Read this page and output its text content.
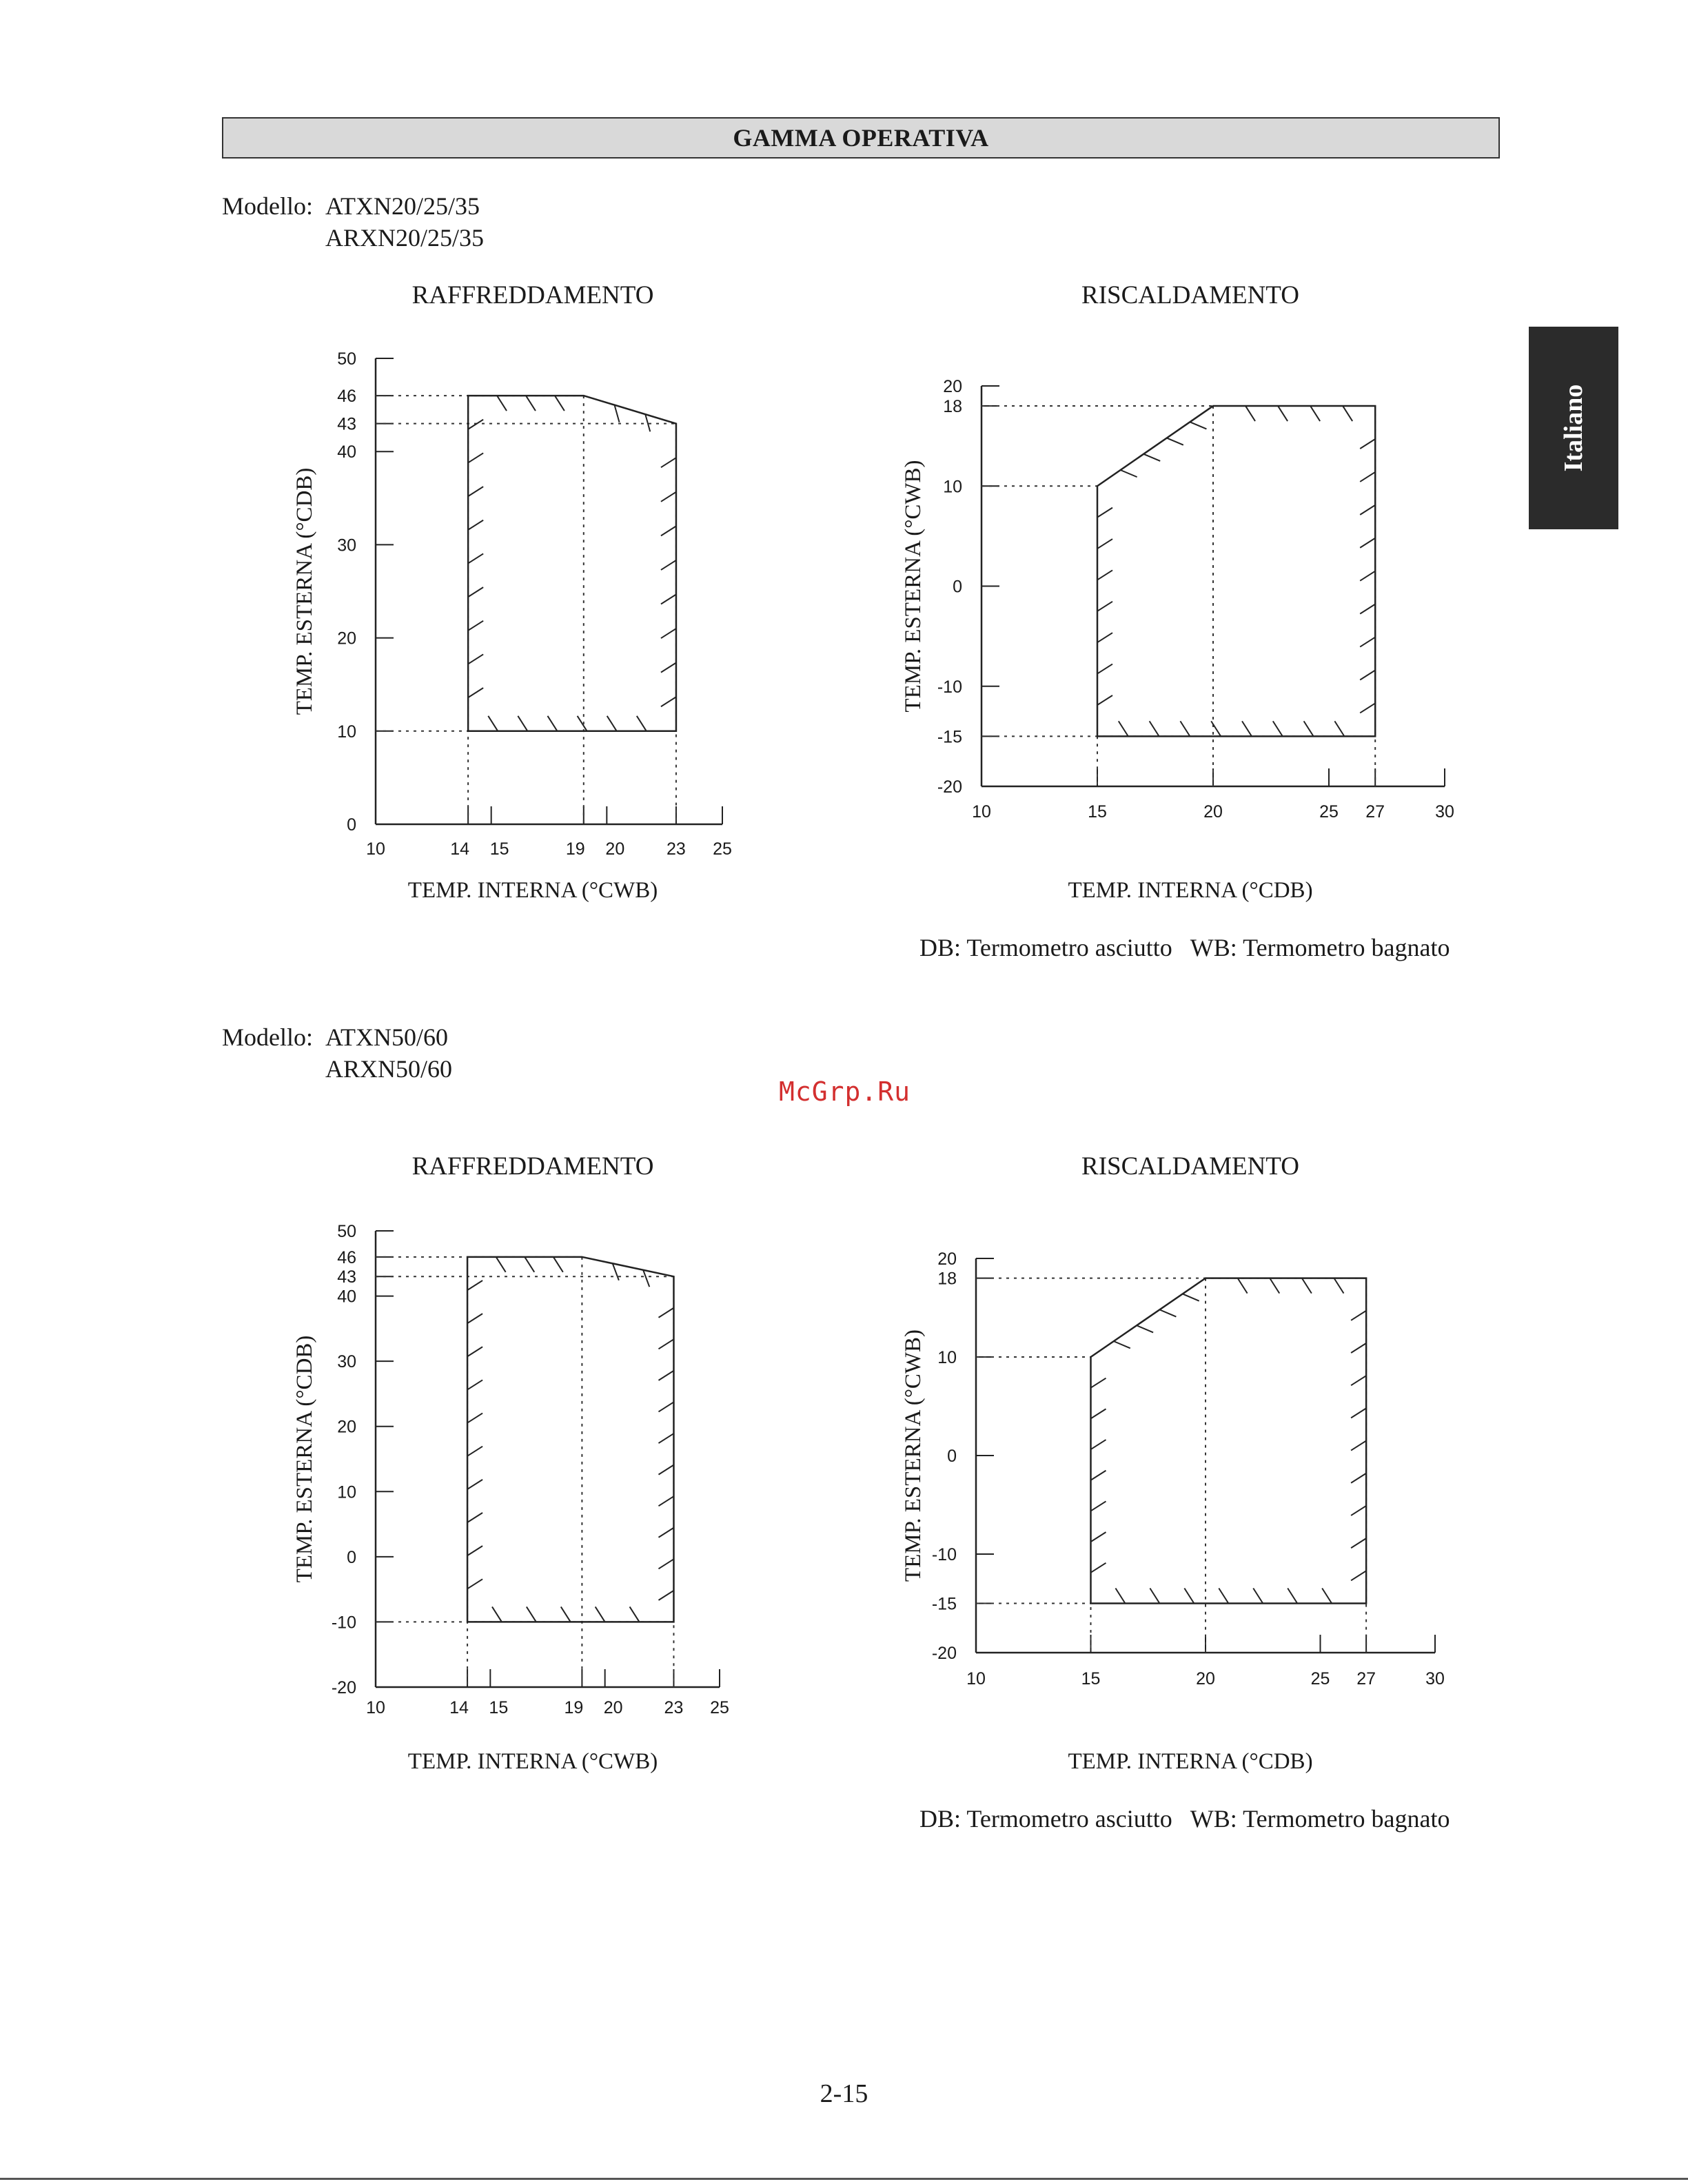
GAMMA OPERATIVA
Italiano
Modello: ATXN20/25/35
ARXN20/25/35
Modello: ATXN50/60
ARXN50/60
McGrp.Ru
DB: Termometro asciutto WB: Termometro bagnato
DB: Termometro asciutto WB: Termometro bagnato
RAFFREDDAMENTO
0
10
20
30
40
43
46
50
10	14 15	19 20 23 25
TEMP. INTERNA (°CWB)
TEMP. ESTERNA (°CDB)
RISCALDAMENTO
-20
-15
-10
0
10
18
20
10	15	20	25 27	30
TEMP. INTERNA (°CDB)
TEMP. ESTERNA (°CWB)
RAFFREDDAMENTO
-20
-10
0
10
20
30
40
43
46
50
10	14 15	19 20 23 25
TEMP. INTERNA (°CWB)
TEMP. ESTERNA (°CDB)
RISCALDAMENTO
-20
-15
-10
0
10
18
20
10	15	20	25 27	30
TEMP. INTERNA (°CDB)
TEMP. ESTERNA (°CWB)
2-15
